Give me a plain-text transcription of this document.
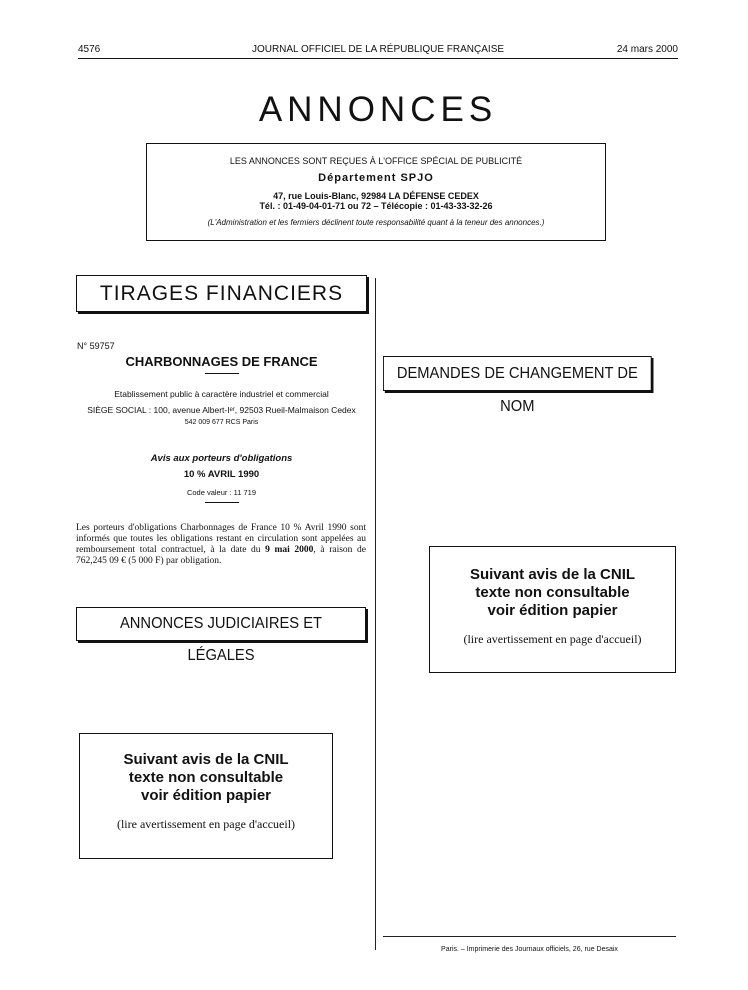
4576	JOURNAL OFFICIEL DE LA RÉPUBLIQUE FRANÇAISE	24 mars 2000
ANNONCES
LES ANNONCES SONT REÇUES À L'OFFICE SPÉCIAL DE PUBLICITÉ
Département SPJO
47, rue Louis-Blanc, 92984 LA DÉFENSE CEDEX
Tél. : 01-49-04-01-71 ou 72 – Télécopie : 01-43-33-32-26
(L'Administration et les fermiers déclinent toute responsabilité quant à la teneur des annonces.)
TIRAGES FINANCIERS
N° 59757
CHARBONNAGES DE FRANCE
Etablissement public à caractère industriel et commercial
SIÈGE SOCIAL : 100, avenue Albert-Iᵉʳ, 92503 Rueil-Malmaison Cedex
542 009 677 RCS Paris
Avis aux porteurs d'obligations
10 % AVRIL 1990
Code valeur : 11 719
Les porteurs d'obligations Charbonnages de France 10 % Avril 1990 sont informés que toutes les obligations restant en circulation sont appelées au remboursement total contractuel, à la date du 9 mai 2000, à raison de 762,245 09 € (5 000 F) par obligation.
ANNONCES JUDICIAIRES ET LÉGALES
Suivant avis de la CNIL
texte non consultable
voir édition papier
(lire avertissement en page d'accueil)
DEMANDES DE CHANGEMENT DE NOM
Suivant avis de la CNIL
texte non consultable
voir édition papier
(lire avertissement en page d'accueil)
Paris. – Imprimerie des Journaux officiels, 26, rue Desaix
